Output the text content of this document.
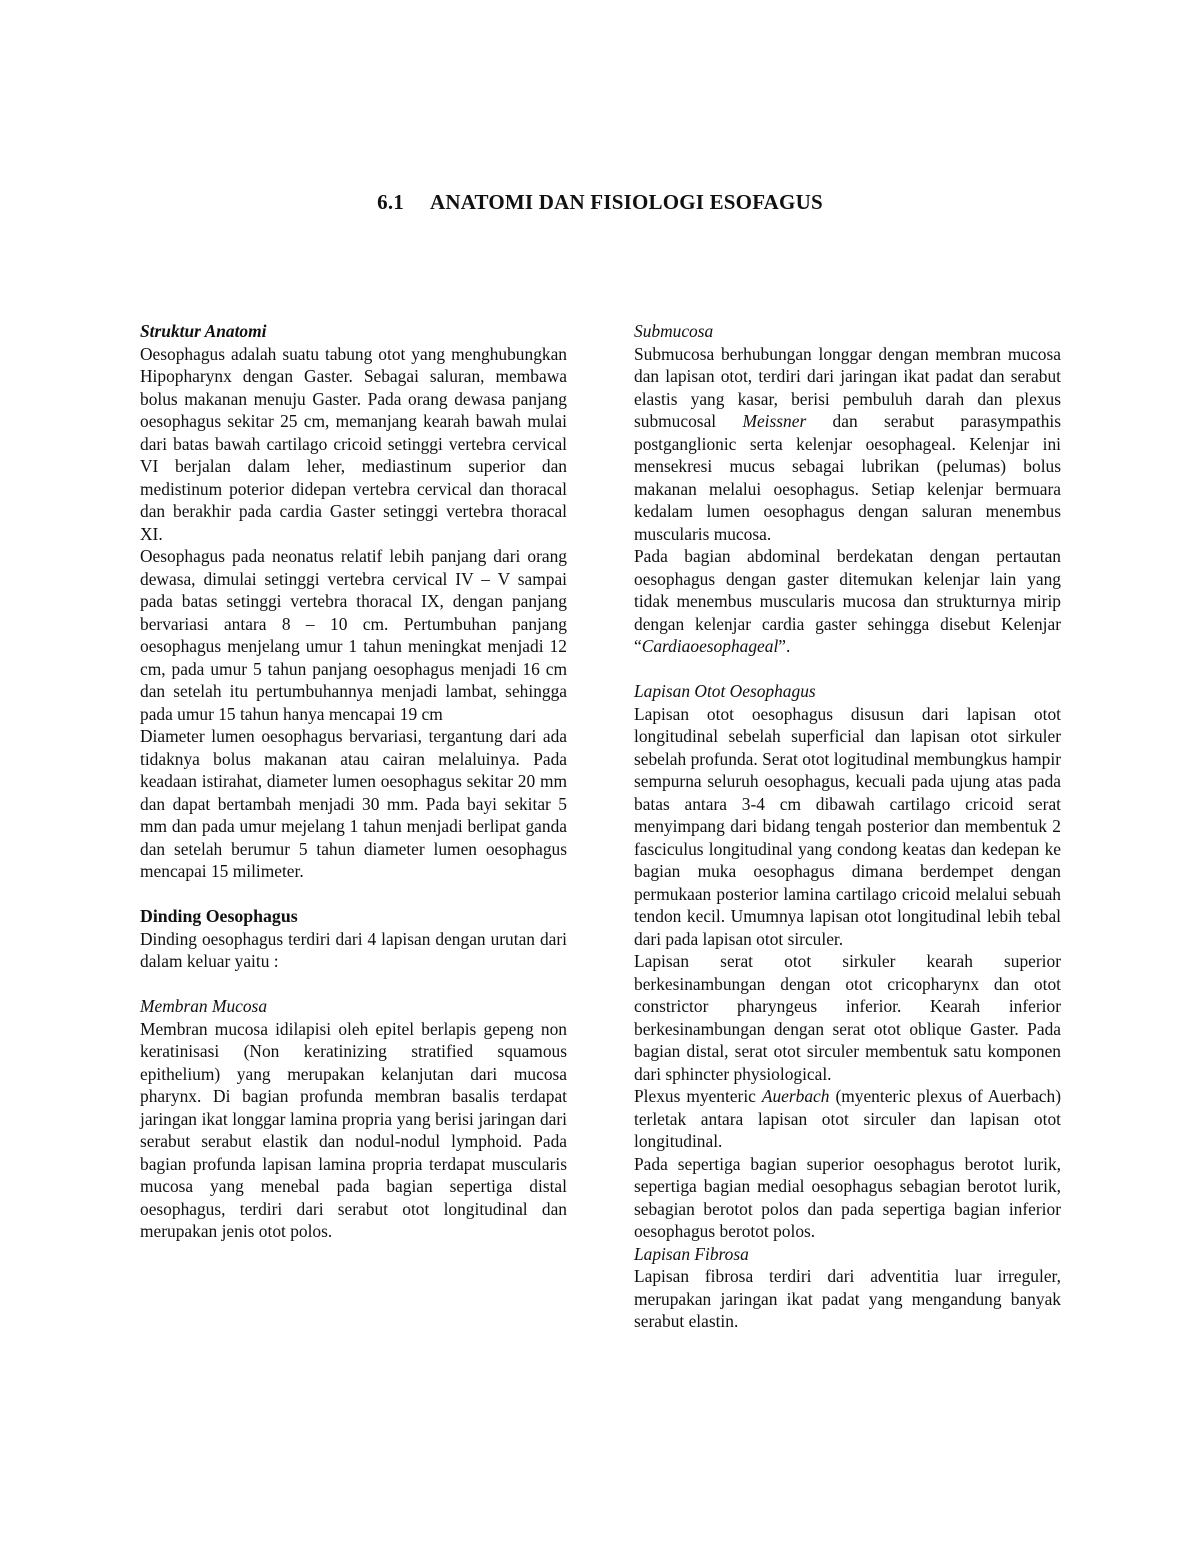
6.1 ANATOMI DAN FISIOLOGI ESOFAGUS

Struktur Anatomi

Oesophagus adalah suatu tabung otot yang menghubungkan Hipopharynx dengan Gaster. Sebagai saluran, membawa bolus makanan menuju Gaster. Pada orang dewasa panjang oesophagus sekitar 25 cm, memanjang kearah bawah mulai dari batas bawah cartilago cricoid setinggi vertebra cervical VI berjalan dalam leher, mediastinum superior dan medistinum poterior didepan vertebra cervical dan thoracal dan berakhir pada cardia Gaster setinggi vertebra thoracal XI.

Oesophagus pada neonatus relatif lebih panjang dari orang dewasa, dimulai setinggi vertebra cervical IV – V sampai pada batas setinggi vertebra thoracal IX, dengan panjang bervariasi antara 8 – 10 cm. Pertumbuhan panjang oesophagus menjelang umur 1 tahun meningkat menjadi 12 cm, pada umur 5 tahun panjang oesophagus menjadi 16 cm dan setelah itu pertumbuhannya menjadi lambat, sehingga pada umur 15 tahun hanya mencapai 19 cm

Diameter lumen oesophagus bervariasi, tergantung dari ada tidaknya bolus makanan atau cairan melaluinya. Pada keadaan istirahat, diameter lumen oesophagus sekitar 20 mm dan dapat bertambah menjadi 30 mm. Pada bayi sekitar 5 mm dan pada umur mejelang 1 tahun menjadi berlipat ganda dan setelah berumur 5 tahun diameter lumen oesophagus mencapai 15 milimeter.

Dinding Oesophagus

Dinding oesophagus terdiri dari 4 lapisan dengan urutan dari dalam keluar yaitu :

Membran Mucosa

Membran mucosa idilapisi oleh epitel berlapis gepeng non keratinisasi (Non keratinizing stratified squamous epithelium) yang merupakan kelanjutan dari mucosa pharynx. Di bagian profunda membran basalis terdapat jaringan ikat longgar lamina propria yang berisi jaringan dari serabut serabut elastik dan nodul-nodul lymphoid. Pada bagian profunda lapisan lamina propria terdapat muscularis mucosa yang menebal pada bagian sepertiga distal oesophagus, terdiri dari serabut otot longitudinal dan merupakan jenis otot polos.

Submucosa

Submucosa berhubungan longgar dengan membran mucosa dan lapisan otot, terdiri dari jaringan ikat padat dan serabut elastis yang kasar, berisi pembuluh darah dan plexus submucosal Meissner dan serabut parasympathis postganglionic serta kelenjar oesophageal. Kelenjar ini mensekresi mucus sebagai lubrikan (pelumas) bolus makanan melalui oesophagus. Setiap kelenjar bermuara kedalam lumen oesophagus dengan saluran menembus muscularis mucosa.

Pada bagian abdominal berdekatan dengan pertautan oesophagus dengan gaster ditemukan kelenjar lain yang tidak menembus muscularis mucosa dan strukturnya mirip dengan kelenjar cardia gaster sehingga disebut Kelenjar “Cardiaoesophageal”.

Lapisan Otot Oesophagus

Lapisan otot oesophagus disusun dari lapisan otot longitudinal sebelah superficial dan lapisan otot sirkuler sebelah profunda. Serat otot logitudinal membungkus hampir sempurna seluruh oesophagus, kecuali pada ujung atas pada batas antara 3-4 cm dibawah cartilago cricoid serat menyimpang dari bidang tengah posterior dan membentuk 2 fasciculus longitudinal yang condong keatas dan kedepan ke bagian muka oesophagus dimana berdempet dengan permukaan posterior lamina cartilago cricoid melalui sebuah tendon kecil. Umumnya lapisan otot longitudinal lebih tebal dari pada lapisan otot sirculer.

Lapisan serat otot sirkuler kearah superior berkesinambungan dengan otot cricopharynx dan otot constrictor pharyngeus inferior. Kearah inferior berkesinambungan dengan serat otot oblique Gaster. Pada bagian distal, serat otot sirculer membentuk satu komponen dari sphincter physiological.

Plexus myenteric Auerbach (myenteric plexus of Auerbach) terletak antara lapisan otot sirculer dan lapisan otot longitudinal.

Pada sepertiga bagian superior oesophagus berotot lurik, sepertiga bagian medial oesophagus sebagian berotot lurik, sebagian berotot polos dan pada sepertiga bagian inferior oesophagus berotot polos.

Lapisan Fibrosa

Lapisan fibrosa terdiri dari adventitia luar irreguler, merupakan jaringan ikat padat yang mengandung banyak serabut elastin.
